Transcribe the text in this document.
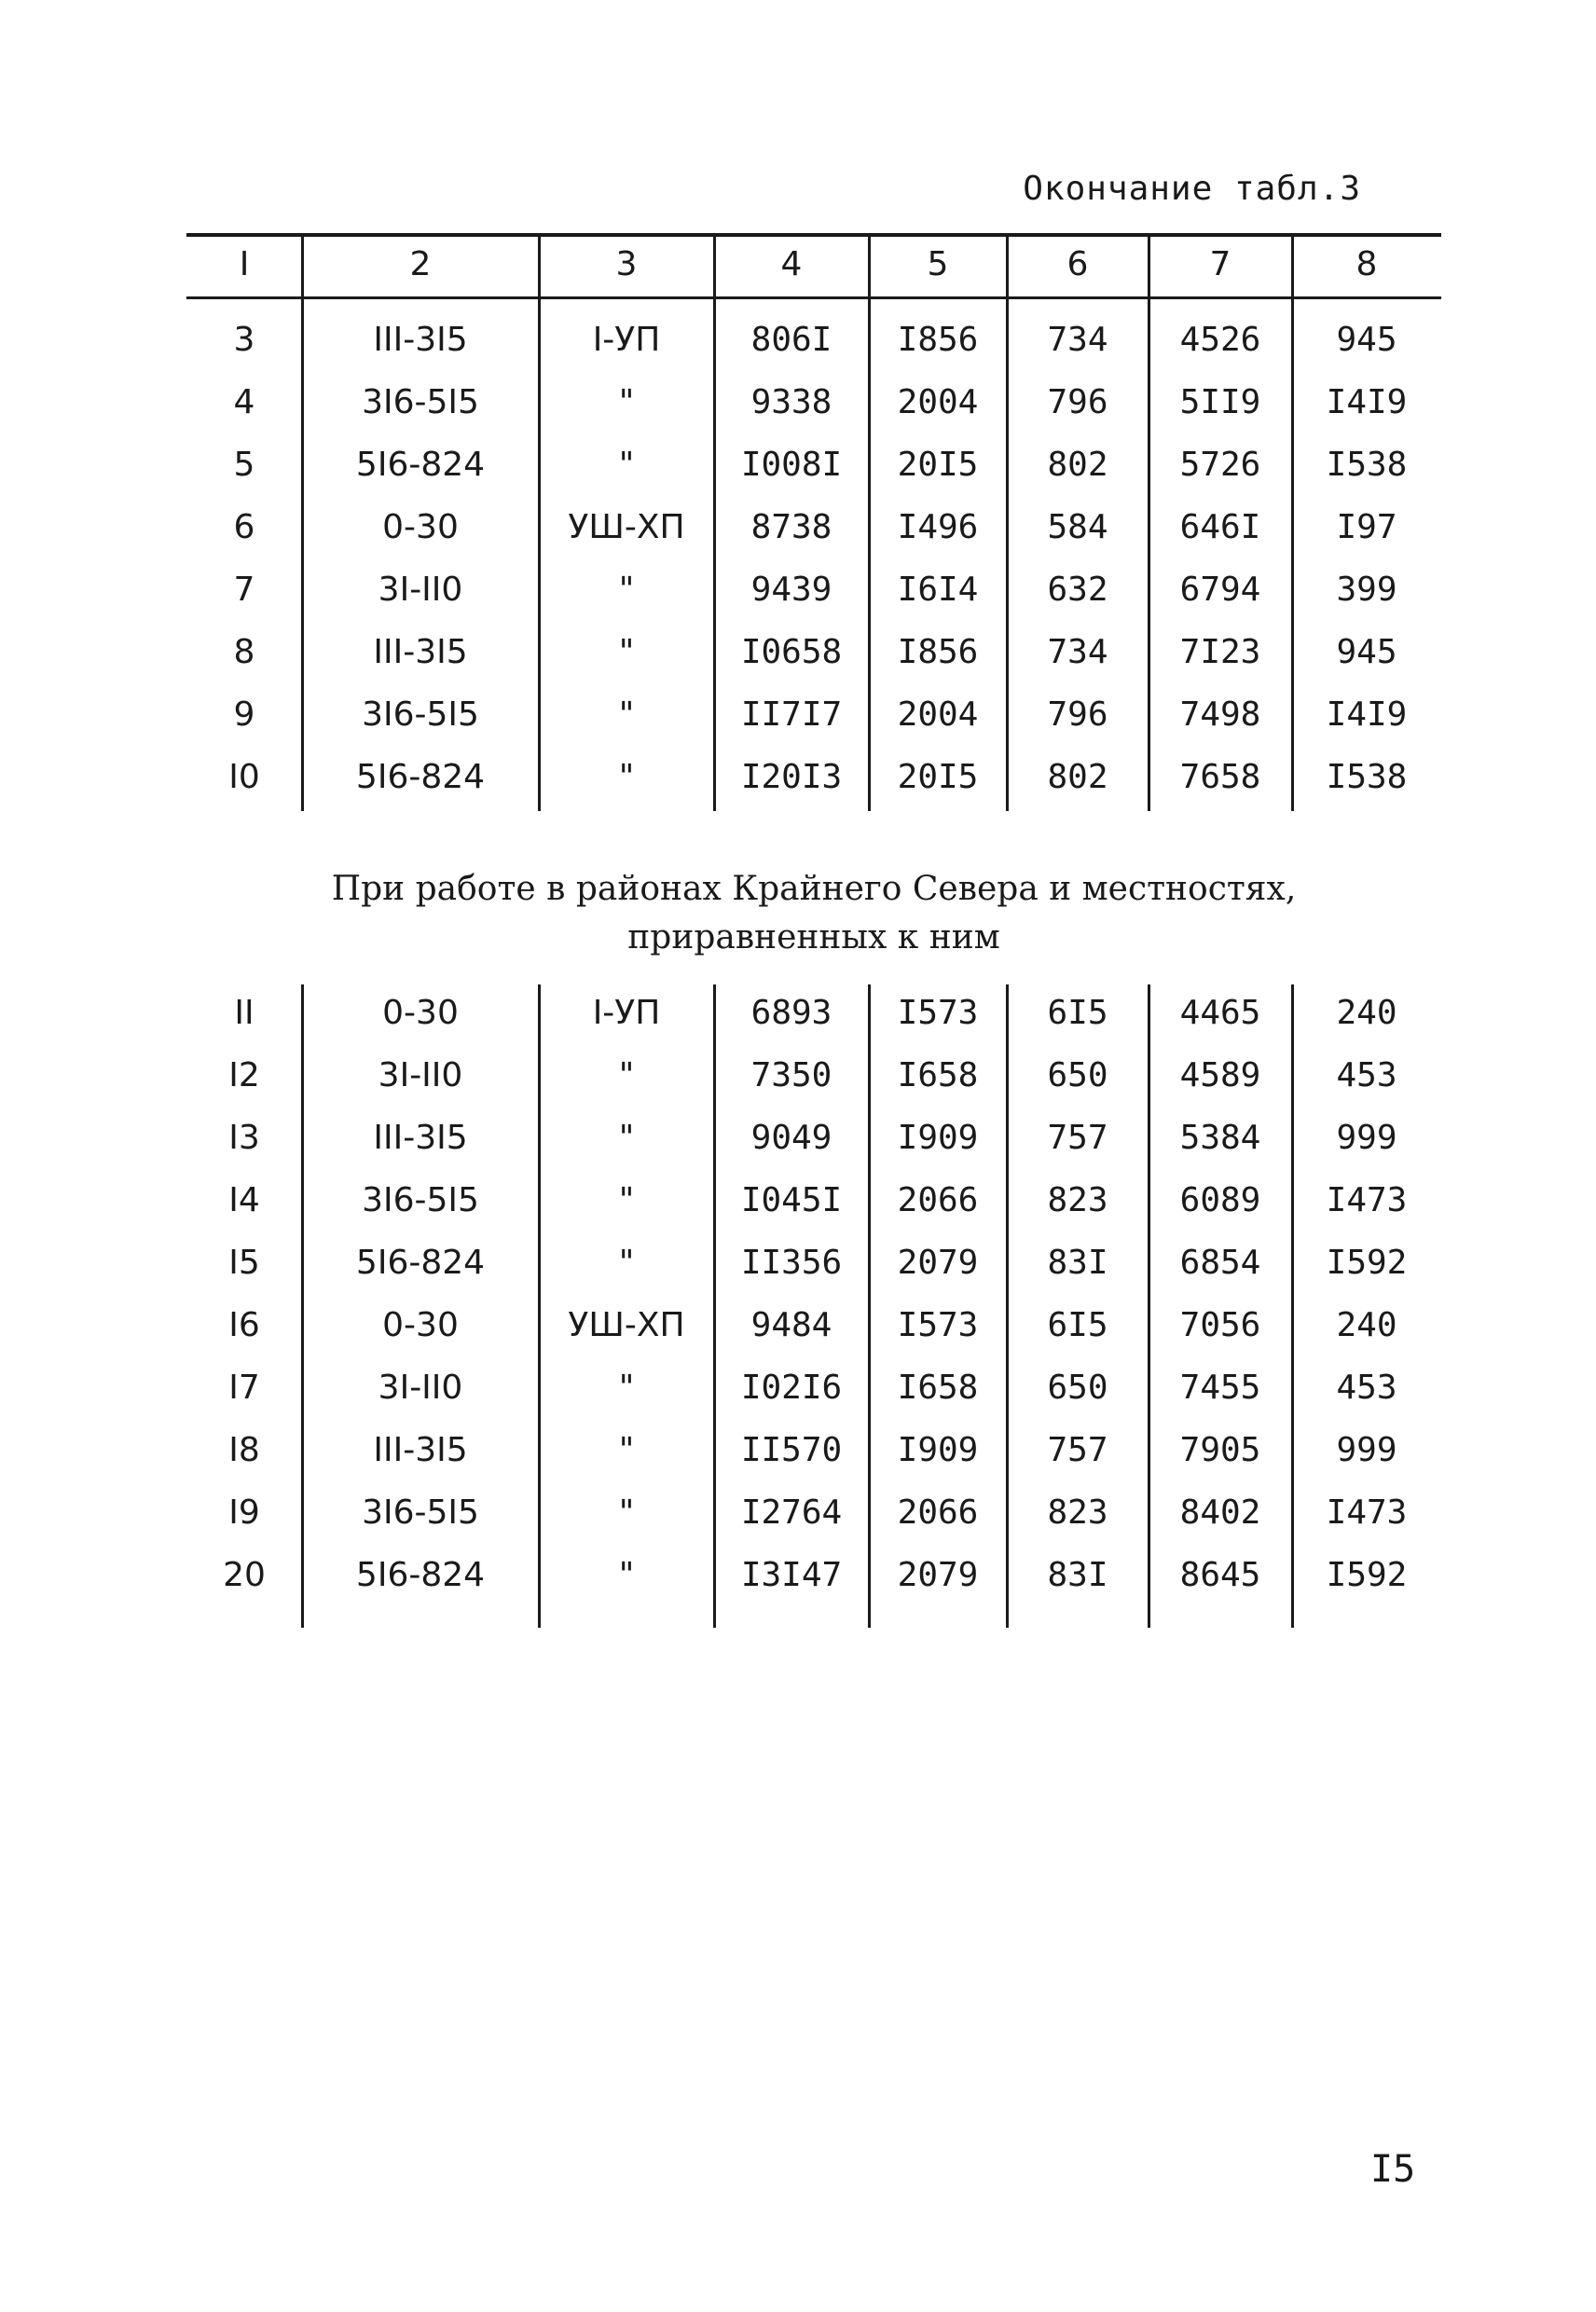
Окончание табл.3
I	2	3	4	5	6	7	8
3	III-3I5	I-УП	806I	I856	734	4526	945
4	3I6-5I5	"	9338	2004	796	5II9	I4I9
5	5I6-824	"	I008I	20I5	802	5726	I538
6	0-30	УШ-ХП	8738	I496	584	646I	I97
7	3I-II0	"	9439	I6I4	632	6794	399
8	III-3I5	"	I0658	I856	734	7I23	945
9	3I6-5I5	"	II7I7	2004	796	7498	I4I9
I0	5I6-824	"	I20I3	20I5	802	7658	I538
II	0-30	I-УП	6893	I573	6I5	4465	240
I2	3I-II0	"	7350	I658	650	4589	453
I3	III-3I5	"	9049	I909	757	5384	999
I4	3I6-5I5	"	I045I	2066	823	6089	I473
I5	5I6-824	"	II356	2079	83I	6854	I592
I6	0-30	УШ-ХП	9484	I573	6I5	7056	240
I7	3I-II0	"	I02I6	I658	650	7455	453
I8	III-3I5	"	II570	I909	757	7905	999
I9	3I6-5I5	"	I2764	2066	823	8402	I473
20	5I6-824	"	I3I47	2079	83I	8645	I592
При работе в районах Крайнего Севера и местностях,
приравненных к ним
I5
